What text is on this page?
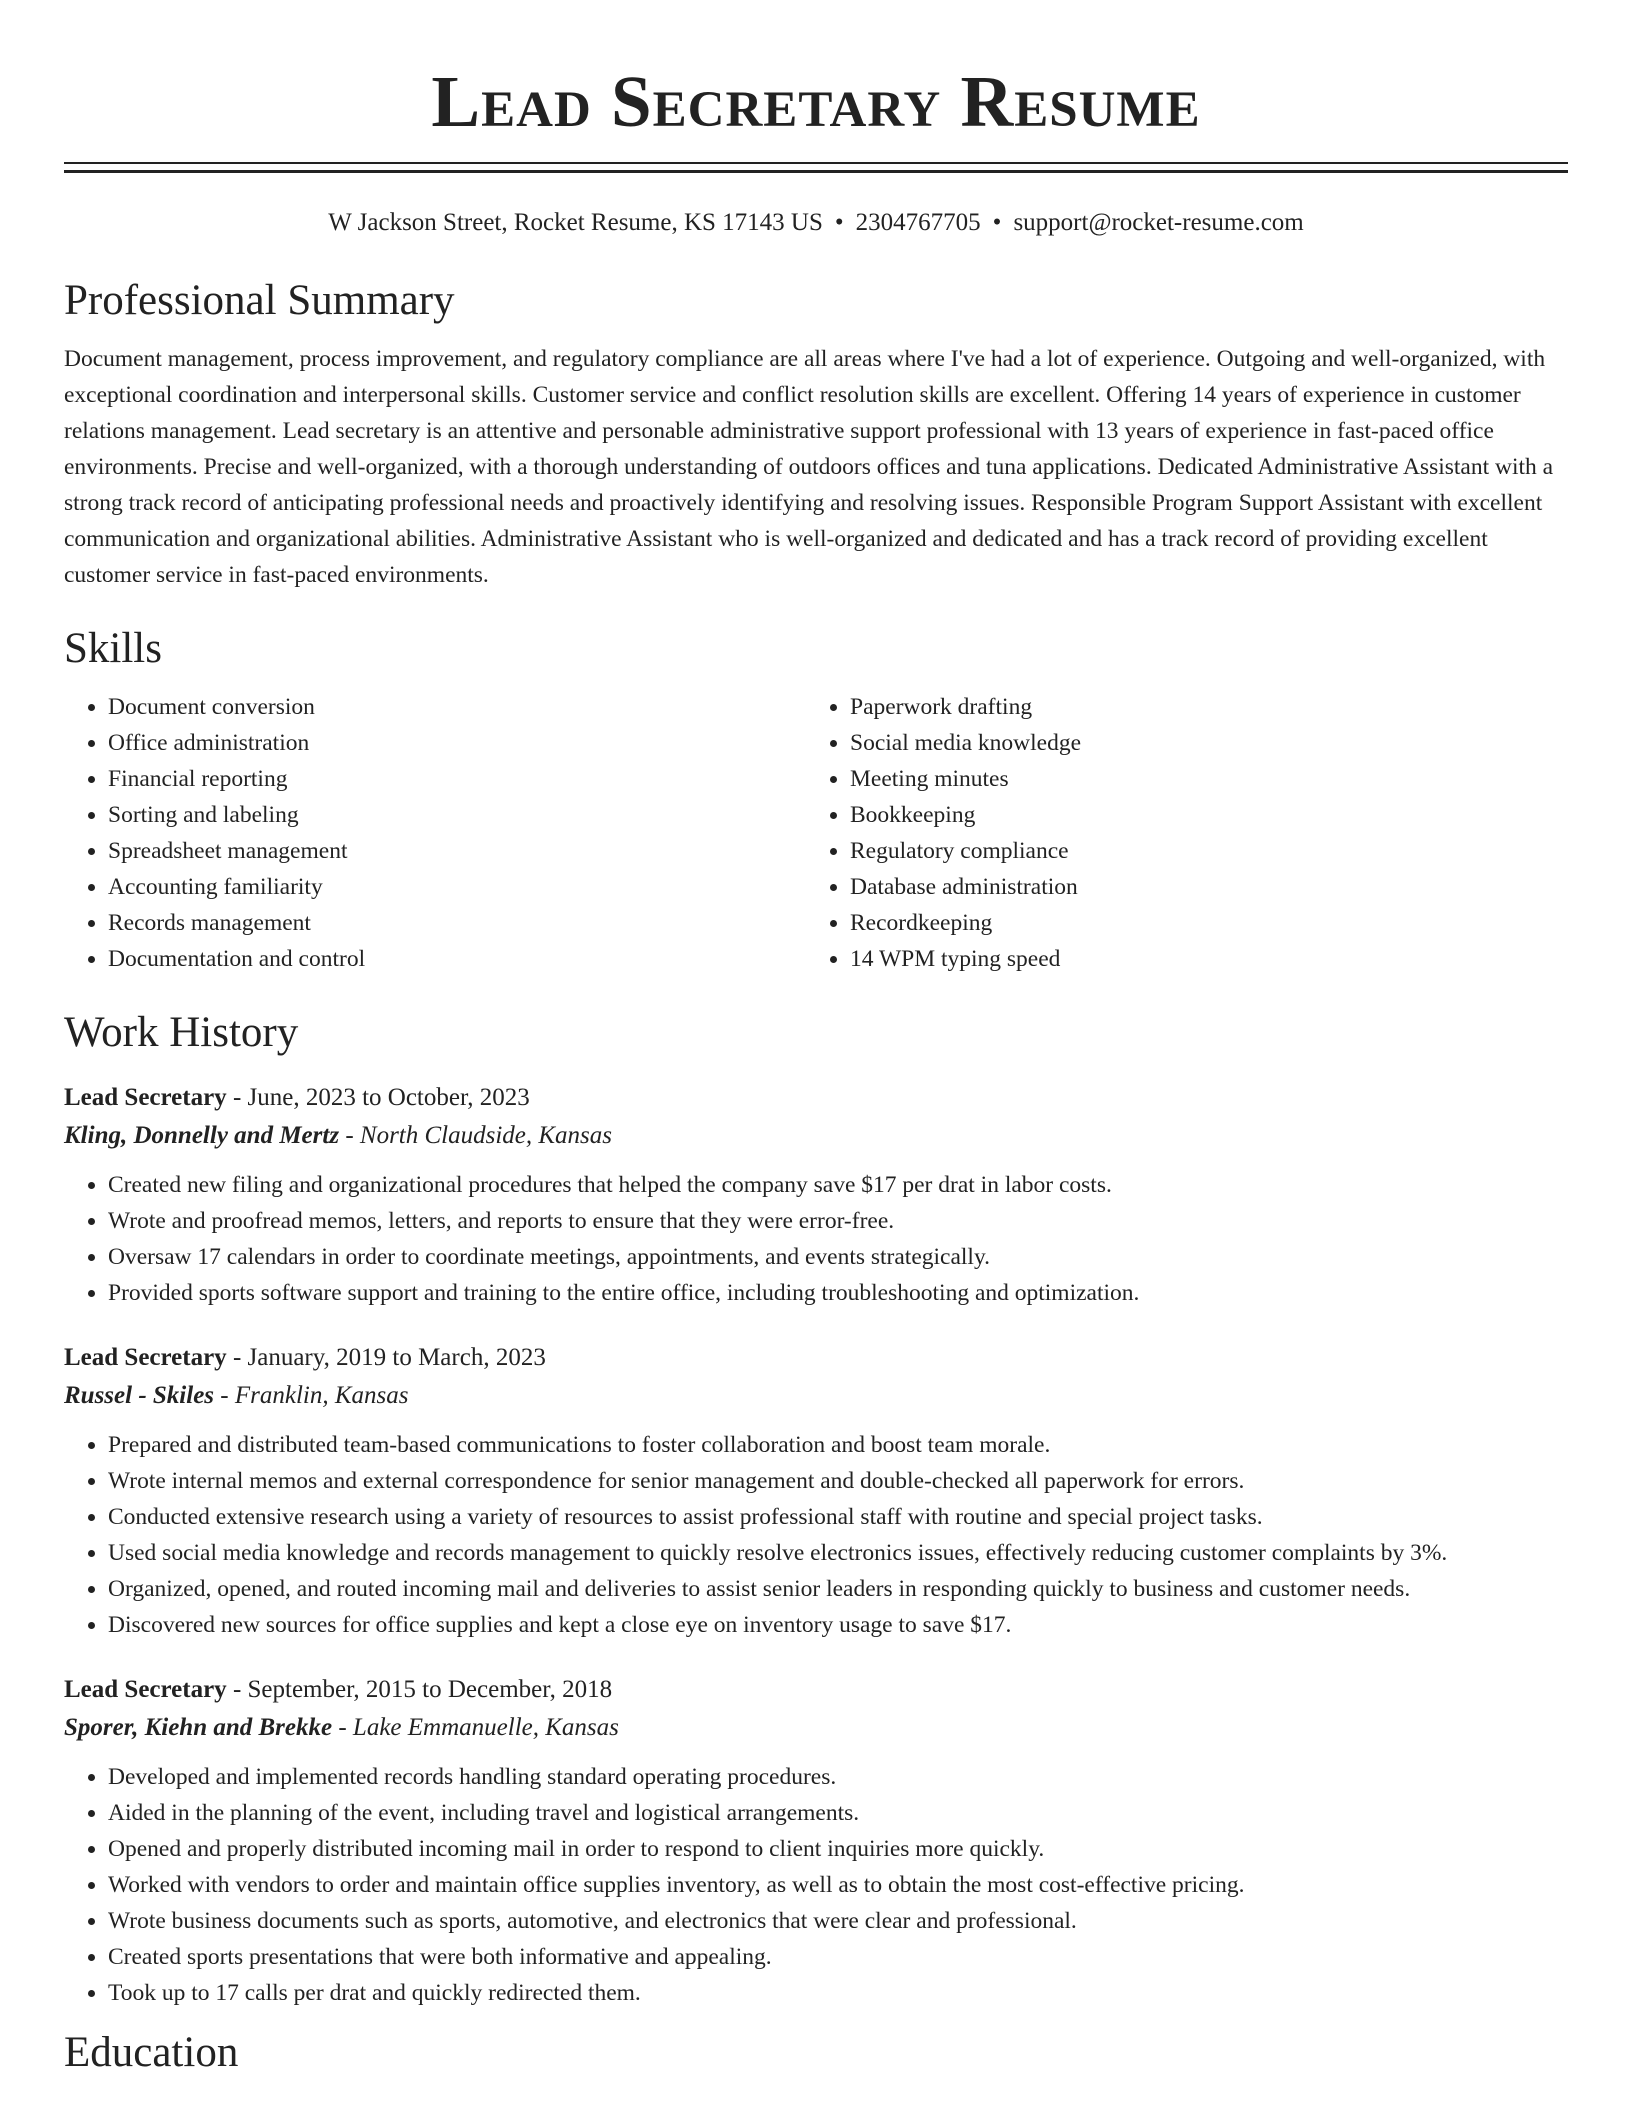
Lead Secretary Resume
W Jackson Street, Rocket Resume, KS 17143 US • 2304767705 • support@rocket-resume.com
Professional Summary
Document management, process improvement, and regulatory compliance are all areas where I've had a lot of experience. Outgoing and well-organized, with exceptional coordination and interpersonal skills. Customer service and conflict resolution skills are excellent. Offering 14 years of experience in customer relations management. Lead secretary is an attentive and personable administrative support professional with 13 years of experience in fast-paced office environments. Precise and well-organized, with a thorough understanding of outdoors offices and tuna applications. Dedicated Administrative Assistant with a strong track record of anticipating professional needs and proactively identifying and resolving issues. Responsible Program Support Assistant with excellent communication and organizational abilities. Administrative Assistant who is well-organized and dedicated and has a track record of providing excellent customer service in fast-paced environments.
Skills
• Document conversion
• Office administration
• Financial reporting
• Sorting and labeling
• Spreadsheet management
• Accounting familiarity
• Records management
• Documentation and control
• Paperwork drafting
• Social media knowledge
• Meeting minutes
• Bookkeeping
• Regulatory compliance
• Database administration
• Recordkeeping
• 14 WPM typing speed
Work History
Lead Secretary - June, 2023 to October, 2023
Kling, Donnelly and Mertz - North Claudside, Kansas
• Created new filing and organizational procedures that helped the company save $17 per drat in labor costs.
• Wrote and proofread memos, letters, and reports to ensure that they were error-free.
• Oversaw 17 calendars in order to coordinate meetings, appointments, and events strategically.
• Provided sports software support and training to the entire office, including troubleshooting and optimization.
Lead Secretary - January, 2019 to March, 2023
Russel - Skiles - Franklin, Kansas
• Prepared and distributed team-based communications to foster collaboration and boost team morale.
• Wrote internal memos and external correspondence for senior management and double-checked all paperwork for errors.
• Conducted extensive research using a variety of resources to assist professional staff with routine and special project tasks.
• Used social media knowledge and records management to quickly resolve electronics issues, effectively reducing customer complaints by 3%.
• Organized, opened, and routed incoming mail and deliveries to assist senior leaders in responding quickly to business and customer needs.
• Discovered new sources for office supplies and kept a close eye on inventory usage to save $17.
Lead Secretary - September, 2015 to December, 2018
Sporer, Kiehn and Brekke - Lake Emmanuelle, Kansas
• Developed and implemented records handling standard operating procedures.
• Aided in the planning of the event, including travel and logistical arrangements.
• Opened and properly distributed incoming mail in order to respond to client inquiries more quickly.
• Worked with vendors to order and maintain office supplies inventory, as well as to obtain the most cost-effective pricing.
• Wrote business documents such as sports, automotive, and electronics that were clear and professional.
• Created sports presentations that were both informative and appealing.
• Took up to 17 calls per drat and quickly redirected them.
Education
